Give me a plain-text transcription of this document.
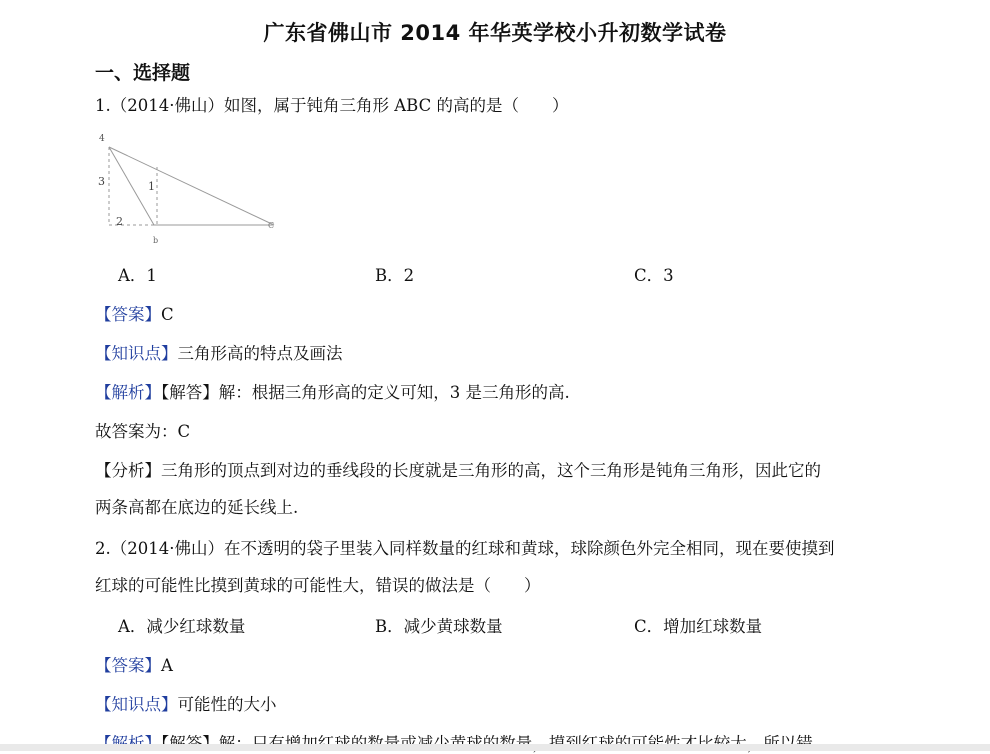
广东省佛山市 2014 年华英学校小升初数学试卷
一、选择题
1.（2014·佛山）如图，属于钝角三角形 ABC 的高的是（　　）
4
3	1
2
b
C
A．1	B．2	C．3
【答案】C
【知识点】三角形高的特点及画法
【解析】【解答】解：根据三角形高的定义可知，3 是三角形的高.
故答案为：C
【分析】三角形的顶点到对边的垂线段的长度就是三角形的高，这个三角形是钝角三角形，因此它的
两条高都在底边的延长线上.
2.（2014·佛山）在不透明的袋子里装入同样数量的红球和黄球，球除颜色外完全相同，现在要使摸到
红球的可能性比摸到黄球的可能性大，错误的做法是（　　）
A．减少红球数量	B．减少黄球数量	C．增加红球数量
【答案】A
【知识点】可能性的大小
